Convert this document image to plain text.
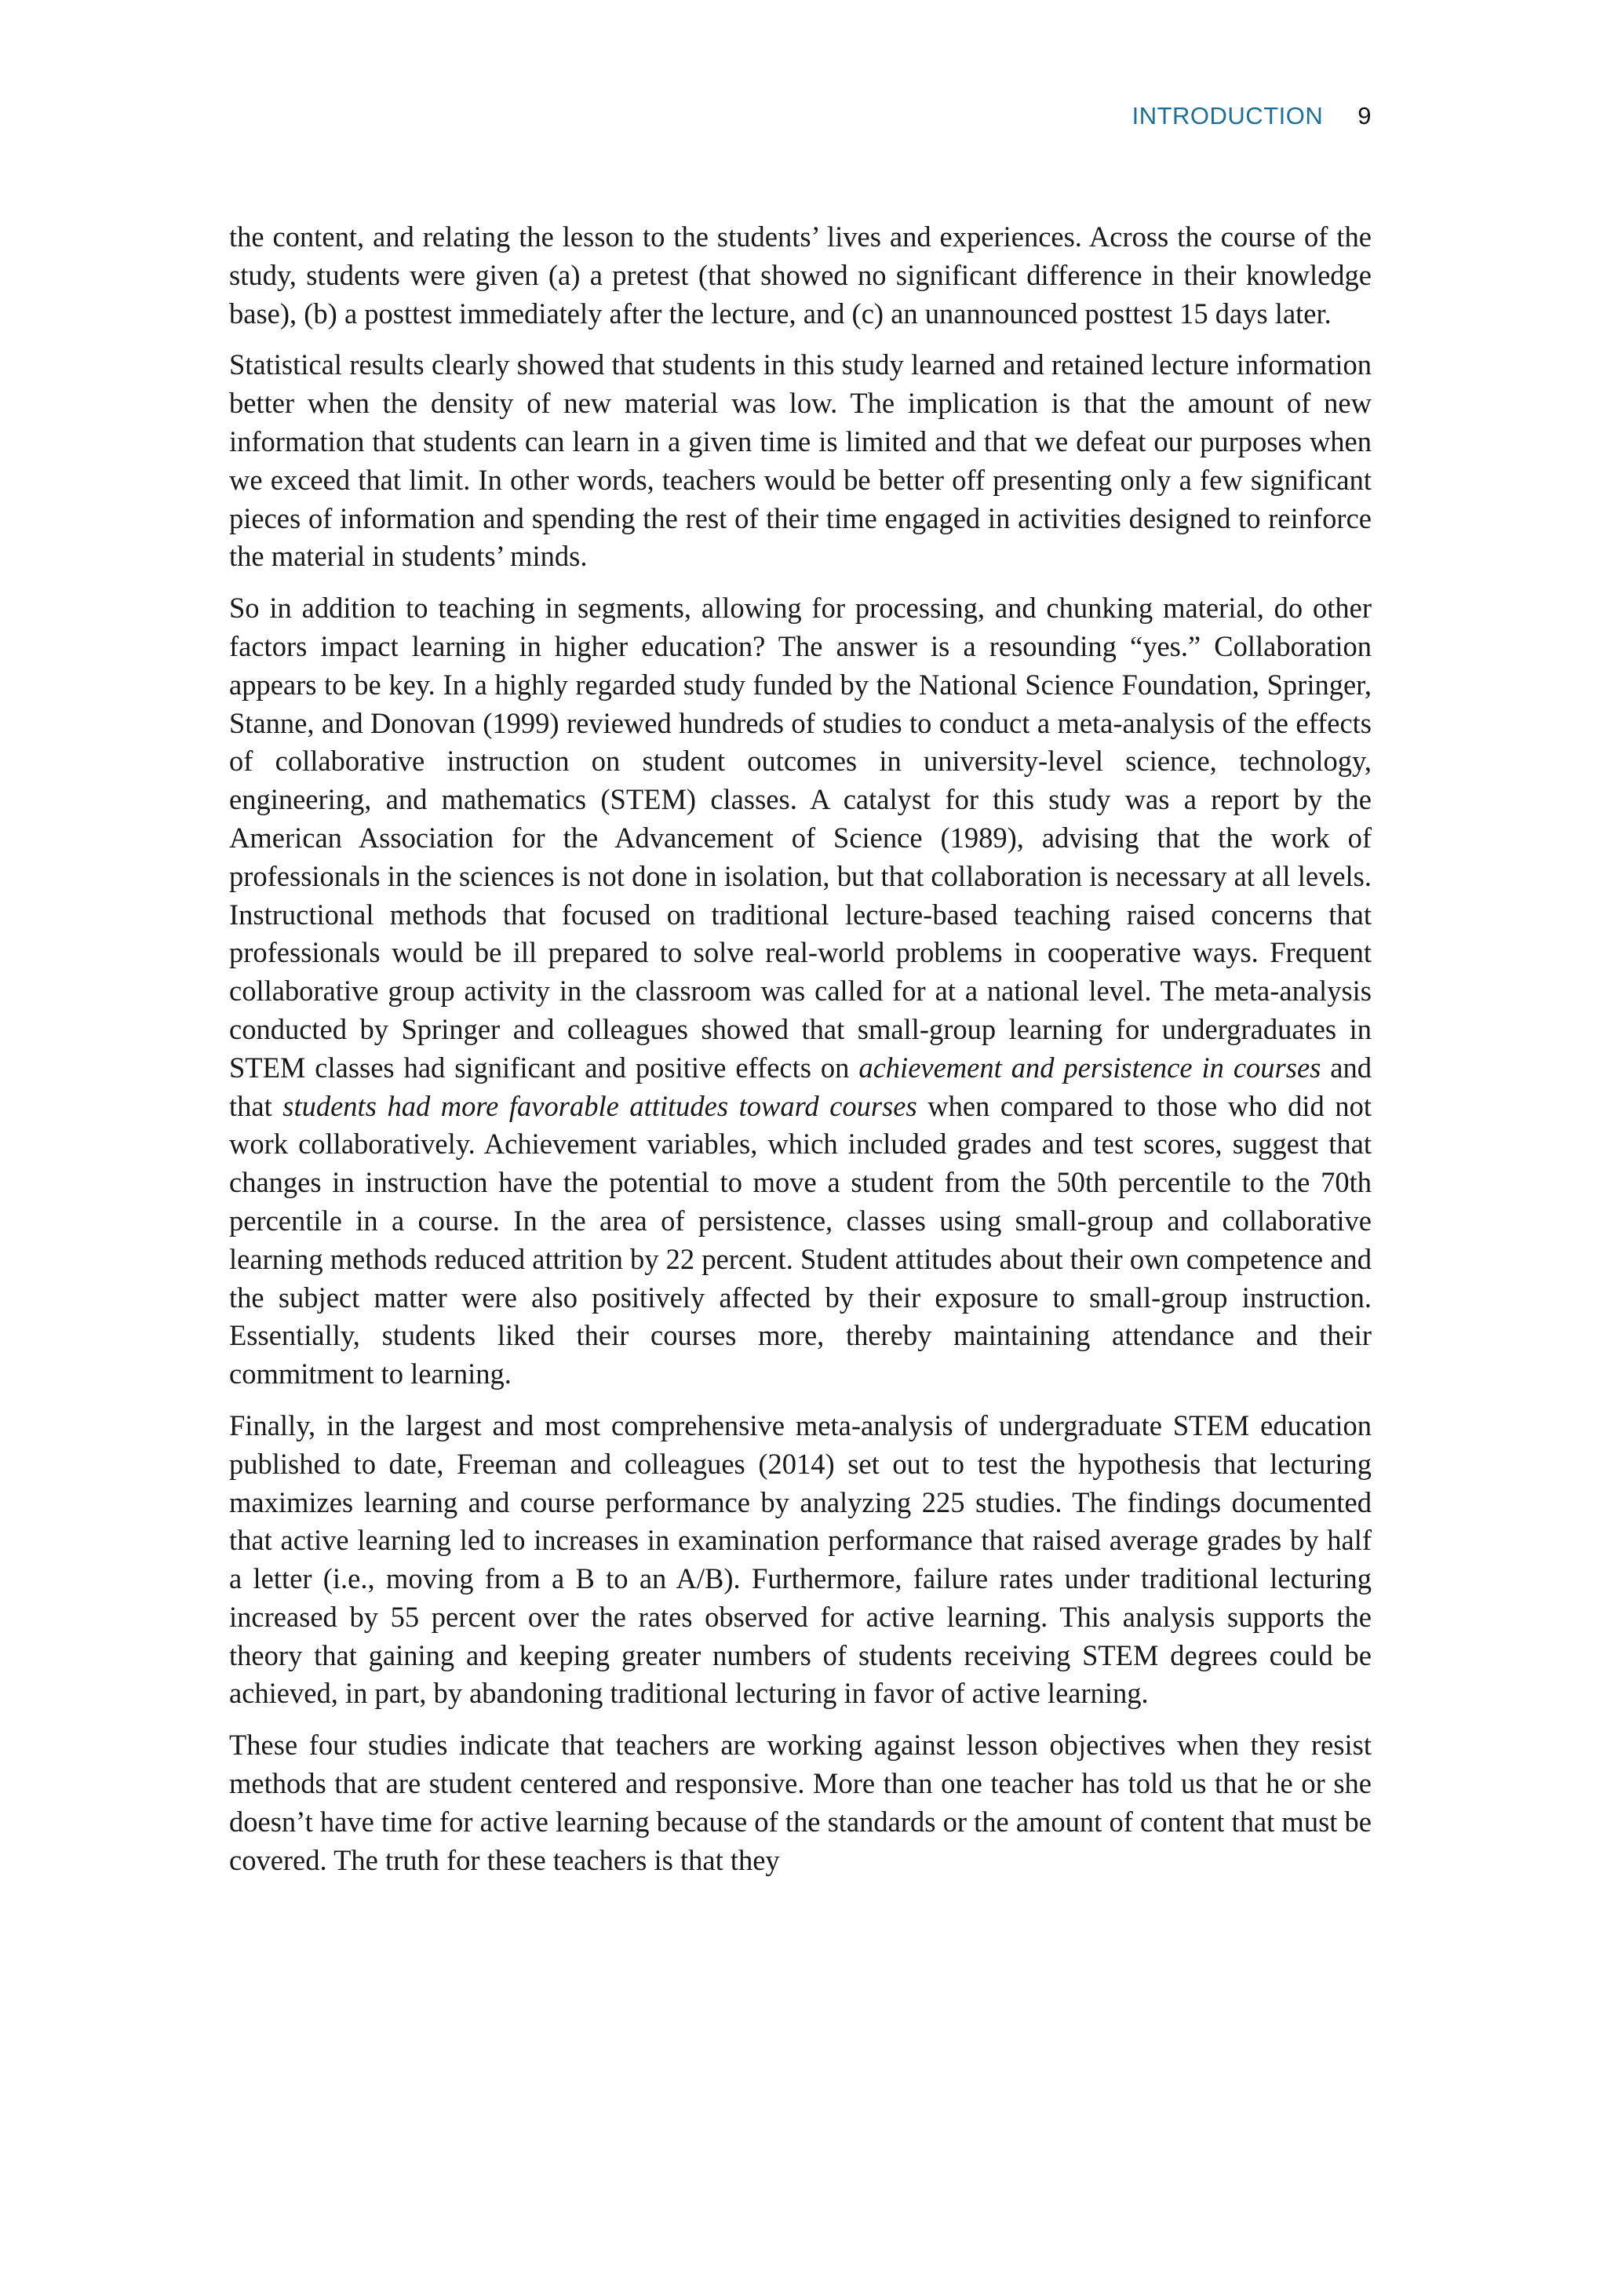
INTRODUCTION 9

the content, and relating the lesson to the students’ lives and experiences. Across the course of the study, students were given (a) a pretest (that showed no significant difference in their knowledge base), (b) a posttest immediately after the lecture, and (c) an unannounced posttest 15 days later.

Statistical results clearly showed that students in this study learned and retained lecture information better when the density of new material was low. The implication is that the amount of new information that students can learn in a given time is limited and that we defeat our purposes when we exceed that limit. In other words, teachers would be better off presenting only a few significant pieces of information and spending the rest of their time engaged in activities designed to reinforce the material in students’ minds.

So in addition to teaching in segments, allowing for processing, and chunking material, do other factors impact learning in higher education? The answer is a resounding “yes.” Collaboration appears to be key. In a highly regarded study funded by the National Science Foundation, Springer, Stanne, and Donovan (1999) reviewed hundreds of studies to conduct a meta-analysis of the effects of collaborative instruction on student outcomes in university-level science, technology, engineering, and mathematics (STEM) classes. A catalyst for this study was a report by the American Association for the Advancement of Science (1989), advising that the work of professionals in the sciences is not done in isolation, but that collaboration is necessary at all levels. Instructional methods that focused on traditional lecture-based teaching raised concerns that professionals would be ill prepared to solve real-world problems in cooperative ways. Frequent collaborative group activity in the classroom was called for at a national level. The meta-analysis conducted by Springer and colleagues showed that small-group learning for undergraduates in STEM classes had significant and positive effects on achievement and persistence in courses and that students had more favorable attitudes toward courses when compared to those who did not work collaboratively. Achievement variables, which included grades and test scores, suggest that changes in instruction have the potential to move a student from the 50th percentile to the 70th percentile in a course. In the area of persistence, classes using small-group and collaborative learning methods reduced attrition by 22 percent. Student attitudes about their own competence and the subject matter were also positively affected by their exposure to small-group instruction. Essentially, students liked their courses more, thereby maintaining attendance and their commitment to learning.

Finally, in the largest and most comprehensive meta-analysis of undergraduate STEM education published to date, Freeman and colleagues (2014) set out to test the hypothesis that lecturing maximizes learning and course performance by analyzing 225 studies. The findings documented that active learning led to increases in examination performance that raised average grades by half a letter (i.e., moving from a B to an A/B). Furthermore, failure rates under traditional lecturing increased by 55 percent over the rates observed for active learning. This analysis supports the theory that gaining and keeping greater numbers of students receiving STEM degrees could be achieved, in part, by abandoning traditional lecturing in favor of active learning.

These four studies indicate that teachers are working against lesson objectives when they resist methods that are student centered and responsive. More than one teacher has told us that he or she doesn’t have time for active learning because of the standards or the amount of content that must be covered. The truth for these teachers is that they
